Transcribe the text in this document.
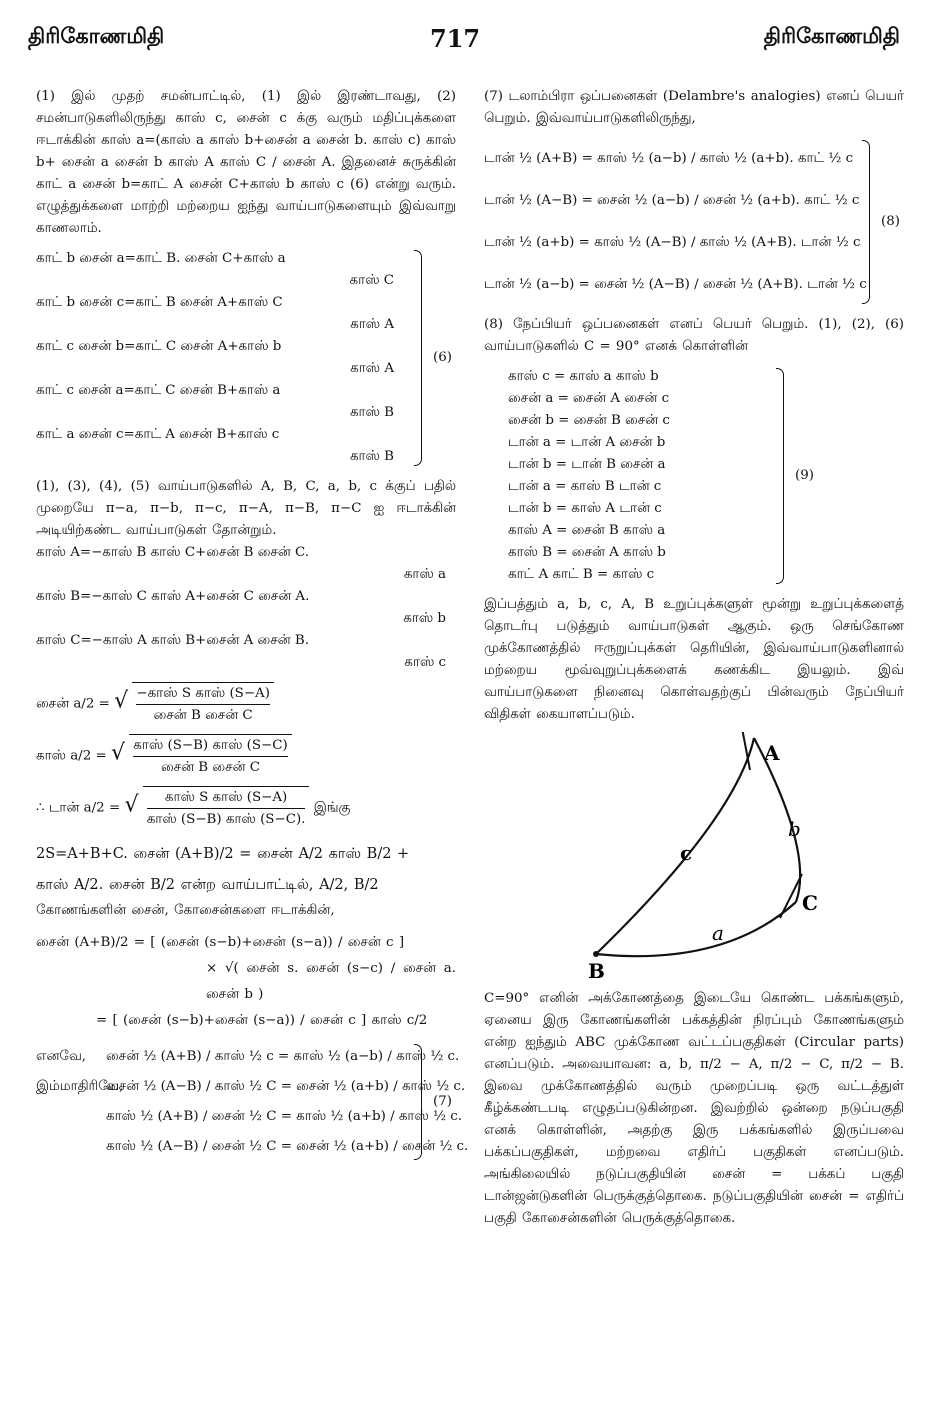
திரிகோணமிதி	717	திரிகோணமிதி

(1) இல் முதற் சமன்பாட்டில், (1) இல் இரண்டாவது, (2) சமன்பாடுகளிலிருந்து காஸ் c, சைன் c க்கு வரும் மதிப்புக்களை ஈடாக்கின் காஸ் a=(காஸ் a காஸ் b+சைன் a சைன் b. காஸ் c) காஸ் b+ சைன் a சைன் b காஸ் A காஸ் C / சைன் A. இதனைச் சுருக்கின் காட் a சைன் b=காட் A சைன் C+காஸ் b காஸ் c (6) என்று வரும். எழுத்துக்களை மாற்றி மற்றைய ஐந்து வாய்பாடுகளையும் இவ்வாறு காணலாம்.

காட் b சைன் a=காட் B. சைன் C+காஸ் a
காஸ் C
காட் b சைன் c=காட் B சைன் A+காஸ் C
காஸ் A
காட் c சைன் b=காட் C சைன் A+காஸ் b
காஸ் A
காட் c சைன் a=காட் C சைன் B+காஸ் a
காஸ் B
காட் a சைன் c=காட் A சைன் B+காஸ் c
காஸ் B
(6)

(1), (3), (4), (5) வாய்பாடுகளில் A, B, C, a, b, c க்குப் பதில் முறையே π−a, π−b, π−c, π−A, π−B, π−C ஐ ஈடாக்கின் அடியிற்கண்ட வாய்பாடுகள் தோன்றும்.

காஸ் A=−காஸ் B காஸ் C+சைன் B சைன் C.
காஸ் a
காஸ் B=−காஸ் C காஸ் A+சைன் C சைன் A.
காஸ் b
காஸ் C=−காஸ் A காஸ் B+சைன் A சைன் B.
காஸ் c
சைன் a/2 = √ −காஸ் S காஸ் (S−A)
சைன் B சைன் C
காஸ் a/2 = √ காஸ் (S−B) காஸ் (S−C)
சைன் B சைன் C
∴ டான் a/2 = √	காஸ் S காஸ் (S−A)
காஸ் (S−B) காஸ் (S−C).
இங்கு

2S=A+B+C. சைன் (A+B)/2 = சைன் A/2 காஸ் B/2 +

காஸ் A/2. சைன் B/2 என்ற வாய்பாட்டில், A/2, B/2

கோணங்களின் சைன், கோசைன்களை ஈடாக்கின்,

சைன் (A+B)/2 = [ (சைன் (s−b)+சைன் (s−a)) / சைன் c ]

× √( சைன் s. சைன் (s−c) / சைன் a. சைன் b )

= [ (சைன் (s−b)+சைன் (s−a)) / சைன் c ] காஸ் c/2

எனவே,	சைன் ½ (A+B) / காஸ் ½ c = காஸ் ½ (a−b) / காஸ் ½ c.
இம்மாதிரியே,
சைன் ½ (A−B) / காஸ் ½ C = சைன் ½ (a+b) / காஸ் ½ c.
காஸ் ½ (A+B) / சைன் ½ C = காஸ் ½ (a+b) / காஸ் ½ c.
காஸ் ½ (A−B) / சைன் ½ C = சைன் ½ (a+b) / சைன் ½ c.
(7)

(7) டலாம்பிரா ஒப்பனைகள் (Delambre's analogies) எனப் பெயர் பெறும். இவ்வாய்பாடுகளிலிருந்து,

டான் ½ (A+B) = காஸ் ½ (a−b) / காஸ் ½ (a+b). காட் ½ c
டான் ½ (A−B) = சைன் ½ (a−b) / சைன் ½ (a+b). காட் ½ c
டான் ½ (a+b) = காஸ் ½ (A−B) / காஸ் ½ (A+B). டான் ½ c
டான் ½ (a−b) = சைன் ½ (A−B) / சைன் ½ (A+B). டான் ½ c
(8)

(8) நேப்பியர் ஒப்பனைகள் எனப் பெயர் பெறும். (1), (2), (6) வாய்பாடுகளில் C = 90° எனக் கொள்ளின்

காஸ் c = காஸ் a காஸ் b
சைன் a = சைன் A சைன் c
சைன் b = சைன் B சைன் c
டான் a = டான் A சைன் b
டான் b = டான் B சைன் a
டான் a = காஸ் B டான் c
டான் b = காஸ் A டான் c
காஸ் A = சைன் B காஸ் a
காஸ் B = சைன் A காஸ் b
காட் A காட் B = காஸ் c
(9)

இப்பத்தும் a, b, c, A, B உறுப்புக்களுள் மூன்று உறுப்புக்களைத் தொடர்பு படுத்தும் வாய்பாடுகள் ஆகும். ஒரு செங்கோண முக்கோணத்தில் ஈருறுப்புக்கள் தெரியின், இவ்வாய்பாடுகளினால் மற்றைய மூவ்வுறுப்புக்களைக் கணக்கிட இயலும். இவ் வாய்பாடுகளை நினைவு கொள்வதற்குப் பின்வரும் நேப்பியர் விதிகள் கையாளப்படும்.

A
B
C
a
b
c

C=90° எனின் அக்கோணத்தை இடையே கொண்ட பக்கங்களும், ஏனைய இரு கோணங்களின் பக்கத்தின் நிரப்பும் கோணங்களும் என்ற ஐந்தும் ABC முக்கோண வட்டப்பகுதிகள் (Circular parts) எனப்படும். அவையாவன: a, b, π/2 − A, π/2 − C, π/2 − B. இவை முக்கோணத்தில் வரும் முறைப்படி ஒரு வட்டத்துள் கீழ்க்கண்டபடி எழுதப்படுகின்றன. இவற்றில் ஒன்றை நடுப்பகுதி எனக் கொள்ளின், அதற்கு இரு பக்கங்களில் இருப்பவை பக்கப்பகுதிகள், மற்றவை எதிர்ப் பகுதிகள் எனப்படும். அங்கிலையில் நடுப்பகுதியின் சைன் = பக்கப் பகுதி டான்ஜன்டுகளின் பெருக்குத்தொகை. நடுப்பகுதியின் சைன் = எதிர்ப் பகுதி கோசைன்களின் பெருக்குத்தொகை.
